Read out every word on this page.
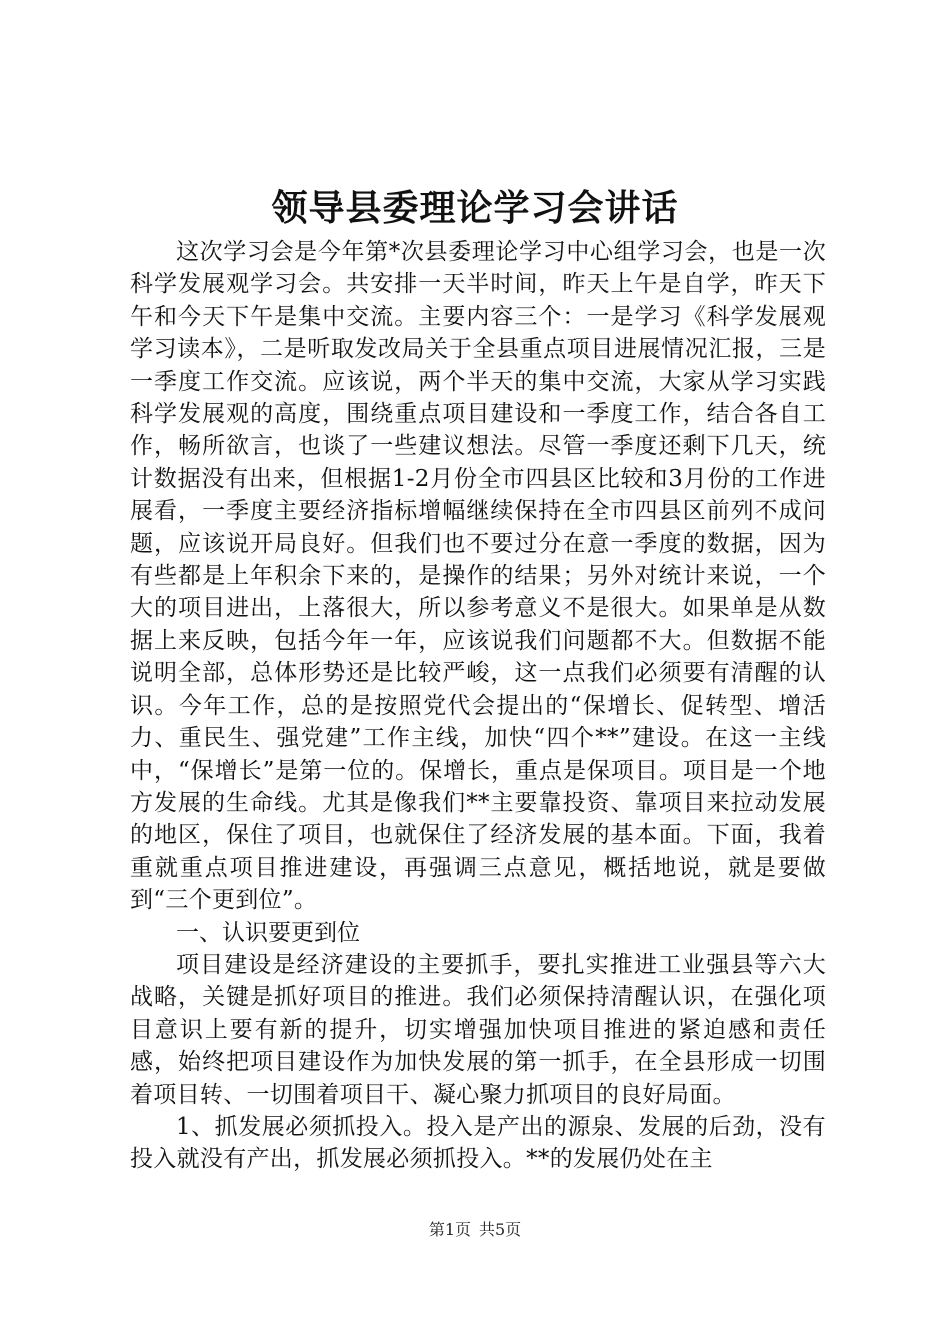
领导县委理论学习会讲话

这次学习会是今年第*次县委理论学习中心组学习会，也是一次科学发展观学习会。共安排一天半时间，昨天上午是自学，昨天下午和今天下午是集中交流。主要内容三个：一是学习《科学发展观学习读本》，二是听取发改局关于全县重点项目进展情况汇报，三是一季度工作交流。应该说，两个半天的集中交流，大家从学习实践科学发展观的高度，围绕重点项目建设和一季度工作，结合各自工作，畅所欲言，也谈了一些建议想法。尽管一季度还剩下几天，统计数据没有出来，但根据1-2月份全市四县区比较和3月份的工作进展看，一季度主要经济指标增幅继续保持在全市四县区前列不成问题，应该说开局良好。但我们也不要过分在意一季度的数据，因为有些都是上年积余下来的，是操作的结果；另外对统计来说，一个大的项目进出，上落很大，所以参考意义不是很大。如果单是从数据上来反映，包括今年一年，应该说我们问题都不大。但数据不能说明全部，总体形势还是比较严峻，这一点我们必须要有清醒的认识。今年工作，总的是按照党代会提出的“保增长、促转型、增活力、重民生、强党建”工作主线，加快“四个**”建设。在这一主线中，“保增长”是第一位的。保增长，重点是保项目。项目是一个地方发展的生命线。尤其是像我们**主要靠投资、靠项目来拉动发展的地区，保住了项目，也就保住了经济发展的基本面。下面，我着重就重点项目推进建设，再强调三点意见，概括地说，就是要做到“三个更到位”。

一、认识要更到位

项目建设是经济建设的主要抓手，要扎实推进工业强县等六大战略，关键是抓好项目的推进。我们必须保持清醒认识，在强化项目意识上要有新的提升，切实增强加快项目推进的紧迫感和责任感，始终把项目建设作为加快发展的第一抓手，在全县形成一切围着项目转、一切围着项目干、凝心聚力抓项目的良好局面。

1、抓发展必须抓投入。投入是产出的源泉、发展的后劲，没有投入就没有产出，抓发展必须抓投入。**的发展仍处在主

第1页 共5页
